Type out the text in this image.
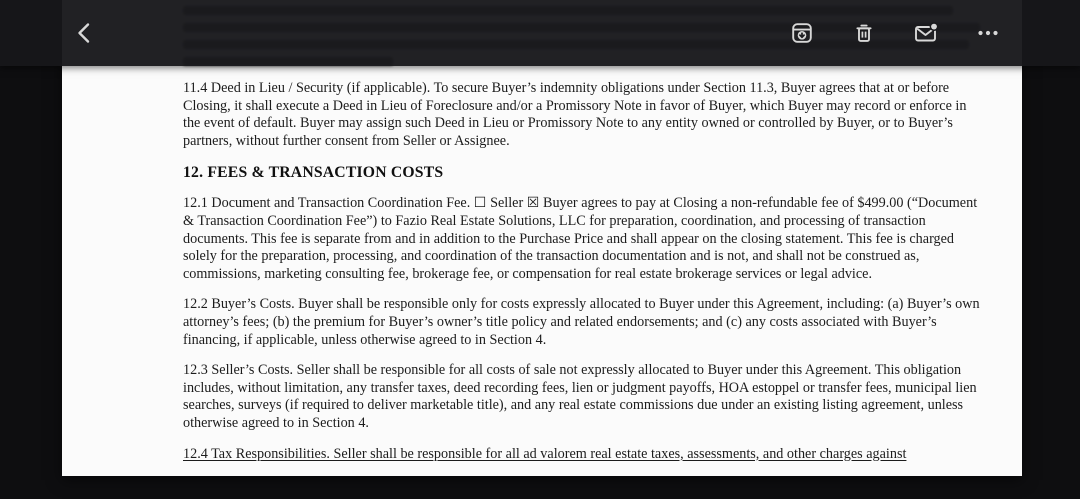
11.4 Deed in Lieu / Security (if applicable). To secure Buyer’s indemnity obligations under Section 11.3, Buyer agrees that at or before Closing, it shall execute a Deed in Lieu of Foreclosure and/or a Promissory Note in favor of Buyer, which Buyer may record or enforce in the event of default. Buyer may assign such Deed in Lieu or Promissory Note to any entity owned or controlled by Buyer, or to Buyer’s partners, without further consent from Seller or Assignee.

12. FEES & TRANSACTION COSTS

12.1 Document and Transaction Coordination Fee. ☐ Seller ☒ Buyer agrees to pay at Closing a non-refundable fee of $499.00 (“Document & Transaction Coordination Fee”) to Fazio Real Estate Solutions, LLC for preparation, coordination, and processing of transaction documents. This fee is separate from and in addition to the Purchase Price and shall appear on the closing statement. This fee is charged solely for the preparation, processing, and coordination of the transaction documentation and is not, and shall not be construed as, commissions, marketing consulting fee, brokerage fee, or compensation for real estate brokerage services or legal advice.

12.2 Buyer’s Costs. Buyer shall be responsible only for costs expressly allocated to Buyer under this Agreement, including: (a) Buyer’s own attorney’s fees; (b) the premium for Buyer’s owner’s title policy and related endorsements; and (c) any costs associated with Buyer’s financing, if applicable, unless otherwise agreed to in Section 4.

12.3 Seller’s Costs. Seller shall be responsible for all costs of sale not expressly allocated to Buyer under this Agreement. This obligation includes, without limitation, any transfer taxes, deed recording fees, lien or judgment payoffs, HOA estoppel or transfer fees, municipal lien searches, surveys (if required to deliver marketable title), and any real estate commissions due under an existing listing agreement, unless otherwise agreed to in Section 4.

12.4 Tax Responsibilities. Seller shall be responsible for all ad valorem real estate taxes, assessments, and other charges against
